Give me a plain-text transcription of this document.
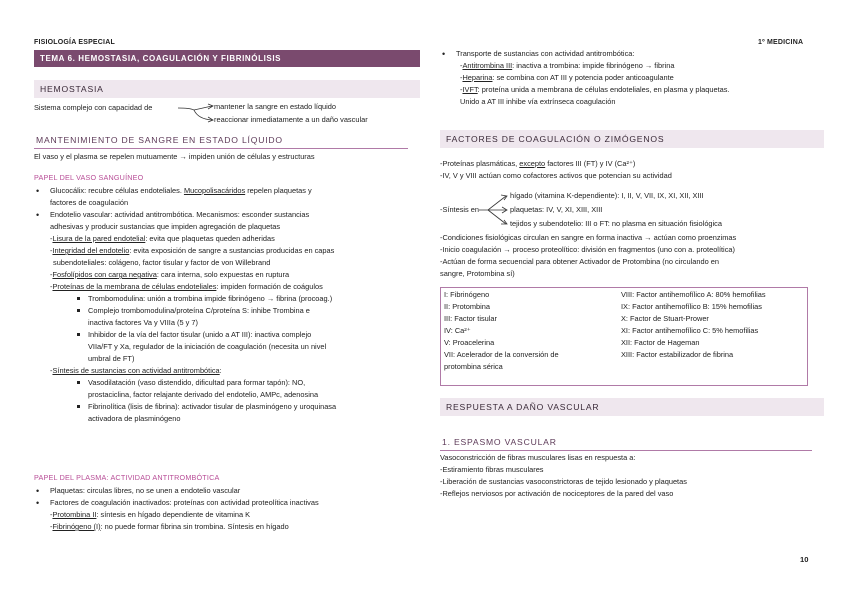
FISIOLOGÍA ESPECIAL	1º MEDICINA
TEMA 6. HEMOSTASIA, COAGULACIÓN Y FIBRINÓLISIS
HEMOSTASIA
Sistema complejo con capacidad de	mantener la sangre en estado líquido
reaccionar inmediatamente a un daño vascular
MANTENIMIENTO DE SANGRE EN ESTADO LÍQUIDO
El vaso y el plasma se repelen mutuamente → impiden unión de células y estructuras
PAPEL DEL VASO SANGUÍNEO
• Glucocálix: recubre células endoteliales. Mucopolisacáridos repelen plaquetas y
factores de coagulación
• Endotelio vascular: actividad antitrombótica. Mecanismos: esconder sustancias
adhesivas y producir sustancias que impiden agregación de plaquetas
-Lisura de la pared endotelial: evita que plaquetas queden adheridas
-Integridad del endotelio: evita exposición de sangre a sustancias producidas en capas
subendoteliales: colágeno, factor tisular y factor de von Willebrand
-Fosfolípidos con carga negativa: cara interna, solo expuestas en ruptura
-Proteínas de la membrana de células endoteliales: impiden formación de coágulos
Trombomodulina: unión a trombina impide fibrinógeno → fibrina (procoag.)
Complejo trombomodulina/proteína C/proteína S: inhibe Trombina e
inactiva factores Va y VIIIa (5 y 7)
Inhibidor de la vía del factor tisular (unido a AT III): inactiva complejo
VIIa/FT y Xa, regulador de la iniciación de coagulación (necesita un nivel
umbral de FT)
-Síntesis de sustancias con actividad antitrombótica:
Vasodilatación (vaso distendido, dificultad para formar tapón): NO,
prostaciclina, factor relajante derivado del endotelio, AMPc, adenosina
Fibrinolítica (lisis de fibrina): activador tisular de plasminógeno y uroquinasa
activadora de plasminógeno
PAPEL DEL PLASMA: ACTIVIDAD ANTITROMBÓTICA
• Plaquetas: circulas libres, no se unen a endotelio vascular
• Factores de coagulación inactivados: proteínas con actividad proteolítica inactivas
-Protombina II: síntesis en hígado dependiente de vitamina K
-Fibrinógeno (I): no puede formar fibrina sin trombina. Síntesis en hígado
• Transporte de sustancias con actividad antitrombótica:
-Antitrombina III: inactiva a trombina: impide fibrinógeno → fibrina
-Heparina: se combina con AT III y potencia poder anticoagulante
-IVFT: proteína unida a membrana de células endoteliales, en plasma y plaquetas.
Unido a AT III inhibe vía extrínseca coagulación
FACTORES DE COAGULACIÓN O ZIMÓGENOS
-Proteínas plasmáticas, excepto factores III (FT) y IV (Ca²⁺)
-IV, V y VIII actúan como cofactores activos que potencian su actividad
-Síntesis en
hígado (vitamina K-dependiente): I, II, V, VII, IX, XI, XII, XIII
plaquetas: IV, V, XI, XIII, XIII
tejidos y subendotelio: III o FT: no plasma en situación fisiológica
-Condiciones fisiológicas circulan en sangre en forma inactiva → actúan como proenzimas
-Inicio coagulación → proceso proteolítico: división en fragmentos (uno con a. proteolítica)
-Actúan de forma secuencial para obtener Activador de Protombina (no circulando en
sangre, Protombina sí)
I: Fibrinógeno
II: Protombina
III: Factor tisular
IV: Ca²⁺
V: Proacelerina
VII: Acelerador de la conversión de
protombina sérica
VIII: Factor antihemofílico A: 80% hemofilias
IX: Factor antihemofílico B: 15% hemofilias
X: Factor de Stuart-Prower
XI: Factor antihemofílico C: 5% hemofilias
XII: Factor de Hageman
XIII: Factor estabilizador de fibrina
RESPUESTA A DAÑO VASCULAR
1. ESPASMO VASCULAR
Vasoconstricción de fibras musculares lisas en respuesta a:
-Estiramiento fibras musculares
-Liberación de sustancias vasoconstrictoras de tejido lesionado y plaquetas
-Reflejos nerviosos por activación de nociceptores de la pared del vaso
10
